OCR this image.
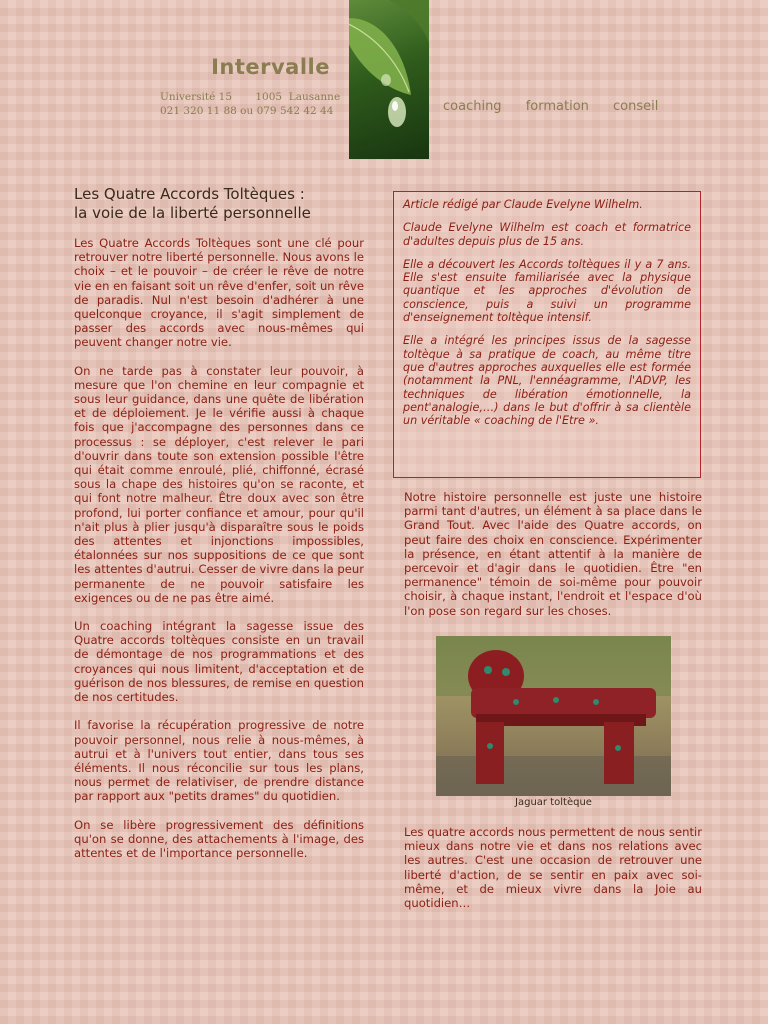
Intervalle
Université 15       1005  Lausanne
021 320 11 88 ou 079 542 42 44	coaching formation conseil
Les Quatre Accords Toltèques :
la voie de la liberté personnelle

Les Quatre Accords Toltèques sont une clé pour retrouver notre liberté personnelle. Nous avons le choix – et le pouvoir – de créer le rêve de notre vie en en faisant soit un rêve d'enfer, soit un rêve de paradis. Nul n'est besoin d'adhérer à une quelconque croyance, il s'agit simplement de passer des accords avec nous-mêmes qui peuvent changer notre vie.

On ne tarde pas à constater leur pouvoir, à mesure que l'on chemine en leur compagnie et sous leur guidance, dans une quête de libération et de déploiement. Je le vérifie aussi à chaque fois que j'accompagne des personnes dans ce processus : se déployer, c'est relever le pari d'ouvrir dans toute son extension possible l'être qui était comme enroulé, plié, chiffonné, écrasé sous la chape des histoires qu'on se raconte, et qui font notre malheur. Être doux avec son être profond, lui porter confiance et amour, pour qu'il n'ait plus à plier jusqu'à disparaître sous le poids des attentes et injonctions impossibles, étalonnées sur nos suppositions de ce que sont les attentes d'autrui. Cesser de vivre dans la peur permanente de ne pouvoir satisfaire les exigences ou de ne pas être aimé.

Un coaching intégrant la sagesse issue des Quatre accords toltèques consiste en un travail de démontage de nos programmations et des croyances qui nous limitent, d'acceptation et de guérison de nos blessures, de remise en question de nos certitudes.

Il favorise la récupération progressive de notre pouvoir personnel, nous relie à nous-mêmes, à autrui et à l'univers tout entier, dans tous ses éléments. Il nous réconcilie sur tous les plans, nous permet de relativiser, de prendre distance par rapport aux "petits drames" du quotidien.

On se libère progressivement des définitions qu'on se donne, des attachements à l'image, des attentes et de l'importance personnelle.

Article rédigé par Claude Evelyne Wilhelm.

Claude Evelyne Wilhelm est coach et formatrice d'adultes depuis plus de 15 ans.

Elle a découvert les Accords toltèques il y a 7 ans. Elle s'est ensuite familiarisée avec la physique quantique et les approches d'évolution de conscience, puis a suivi un programme d'enseignement toltèque intensif.

Elle a intégré les principes issus de la sagesse toltèque à sa pratique de coach, au même titre que d'autres approches auxquelles elle est formée (notamment la PNL, l'ennéagramme, l'ADVP, les techniques de libération émotionnelle, la pent'analogie,…) dans le but d'offrir à sa clientèle un véritable « coaching de l'Etre ».

Notre histoire personnelle est juste une histoire parmi tant d'autres, un élément à sa place dans le Grand Tout. Avec l'aide des Quatre accords, on peut faire des choix en conscience. Expérimenter la présence, en étant attentif à la manière de percevoir et d'agir dans le quotidien. Être "en permanence" témoin de soi-même pour pouvoir choisir, à chaque instant, l'endroit et l'espace d'où l'on pose son regard sur les choses.
Jaguar toltèque
Les quatre accords nous permettent de nous sentir mieux dans notre vie et dans nos relations avec les autres. C'est une occasion de retrouver une liberté d'action, de se sentir en paix avec soi-même, et de mieux vivre dans la Joie au quotidien…
